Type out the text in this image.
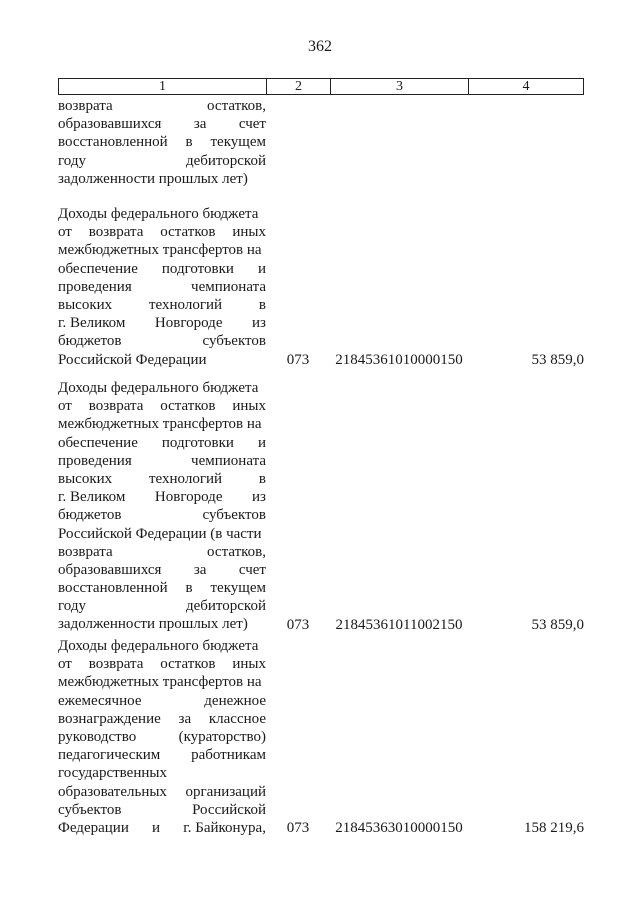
362
1	2	3	4
возврата	остатков,
образовавшихся за счет
восстановленной в текущем
году	дебиторской
задолженности прошлых лет)
Доходы федерального бюджета
от возврата остатков иных
межбюджетных трансфертов на
обеспечение подготовки и
проведения	чемпионата
высоких технологий в
г. Великом Новгороде из
бюджетов	субъектов
Российской Федерации	073	21845361010000150	53 859,0
Доходы федерального бюджета
от возврата остатков иных
межбюджетных трансфертов на
обеспечение подготовки и
проведения	чемпионата
высоких технологий в
г. Великом Новгороде из
бюджетов	субъектов
Российской Федерации (в части
возврата	остатков,
образовавшихся за счет
восстановленной в текущем
году	дебиторской
задолженности прошлых лет)	073	21845361011002150	53 859,0
Доходы федерального бюджета
от возврата остатков иных
межбюджетных трансфертов на
ежемесячное	денежное
вознаграждение за классное
руководство	(кураторство)
педагогическим работникам
государственных
образовательных организаций
субъектов	Российской
Федерации и г. Байконура,	073	21845363010000150	158 219,6
